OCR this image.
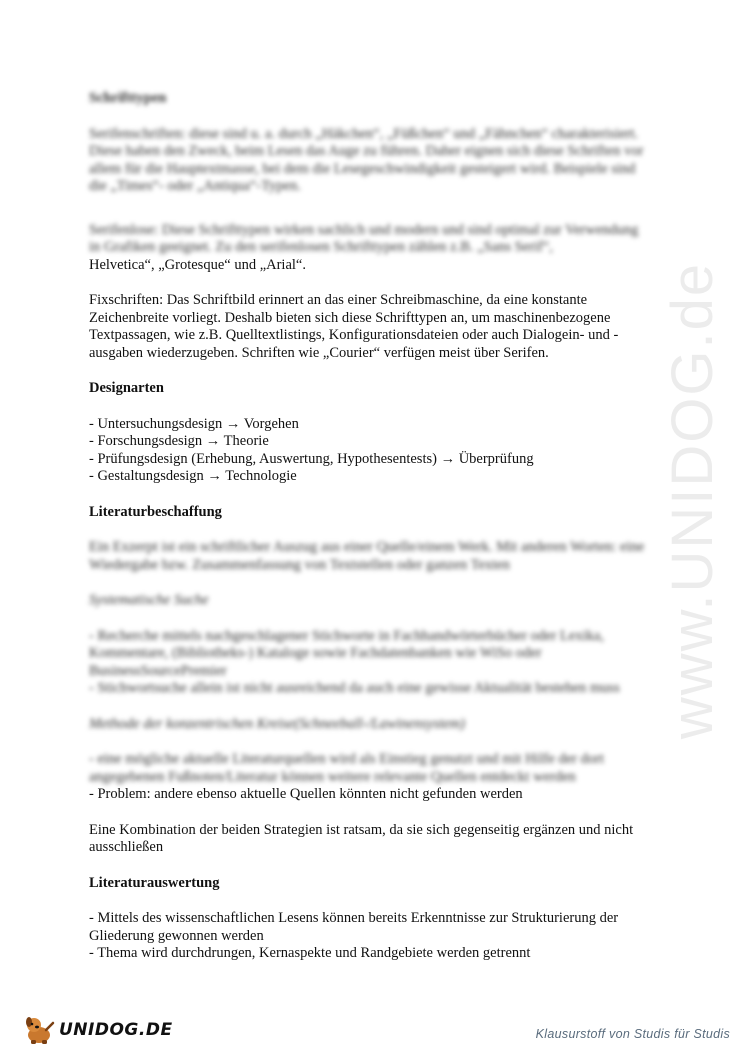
www.UNIDOG.de

Schrifttypen

Serifenschriften: diese sind u. a. durch „Häkchen“, „Füßchen“ und „Fähnchen“ charakterisiert. Diese haben den Zweck, beim Lesen das Auge zu führen. Daher eignen sich diese Schriften vor allem für die Hauptextmasse, bei dem die Lesegeschwindigkeit gesteigert wird. Beispiele sind die „Times“- oder „Antiqua“-Typen.

Serifenlose: Diese Schrifttypen wirken sachlich und modern und sind optimal zur Verwendung in Grafiken geeignet. Zu den serifenlosen Schrifttypen zählen z.B. „Sans Serif“,

Helvetica“, „Grotesque“ und „Arial“.

Fixschriften: Das Schriftbild erinnert an das einer Schreibmaschine, da eine konstante Zeichenbreite vorliegt. Deshalb bieten sich diese Schrifttypen an, um maschinenbezogene Textpassagen, wie z.B. Quelltextlistings, Konfigurationsdateien oder auch Dialogein- und -ausgaben wiederzugeben. Schriften wie „Courier“ verfügen meist über Serifen.

Designarten

- Untersuchungsdesign → Vorgehen

- Forschungsdesign → Theorie

- Prüfungsdesign (Erhebung, Auswertung, Hypothesentests) → Überprüfung

- Gestaltungsdesign → Technologie

Literaturbeschaffung

Ein Exzerpt ist ein schriftlicher Auszug aus einer Quelle/einem Werk. Mit anderen Worten: eine Wiedergabe bzw. Zusammenfassung von Textstellen oder ganzen Texten

Systematische Suche

- Recherche mittels nachgeschlagener Stichworte in Fachhandwörterbücher oder Lexika, Kommentare, (Bibliotheks-) Kataloge sowie Fachdatenbanken wie WiSo oder BusinessSourcePremier

- Stichwortsuche allein ist nicht ausreichend da auch eine gewisse Aktualität bestehen muss

Methode der konzentrischen Kreise(Schneeball-/Lawinensystem)

- eine mögliche aktuelle Literaturquellen wird als Einstieg genutzt und mit Hilfe der dort angegebenen Fußnoten/Literatur können weitere relevante Quellen entdeckt werden

- Problem: andere ebenso aktuelle Quellen könnten nicht gefunden werden

Eine Kombination der beiden Strategien ist ratsam, da sie sich gegenseitig ergänzen und nicht ausschließen

Literaturauswertung

- Mittels des wissenschaftlichen Lesens können bereits Erkenntnisse zur Strukturierung der Gliederung gewonnen werden

- Thema wird durchdrungen, Kernaspekte und Randgebiete werden getrennt

UNIDOG.DE	Klausurstoff von Studis für Studis
